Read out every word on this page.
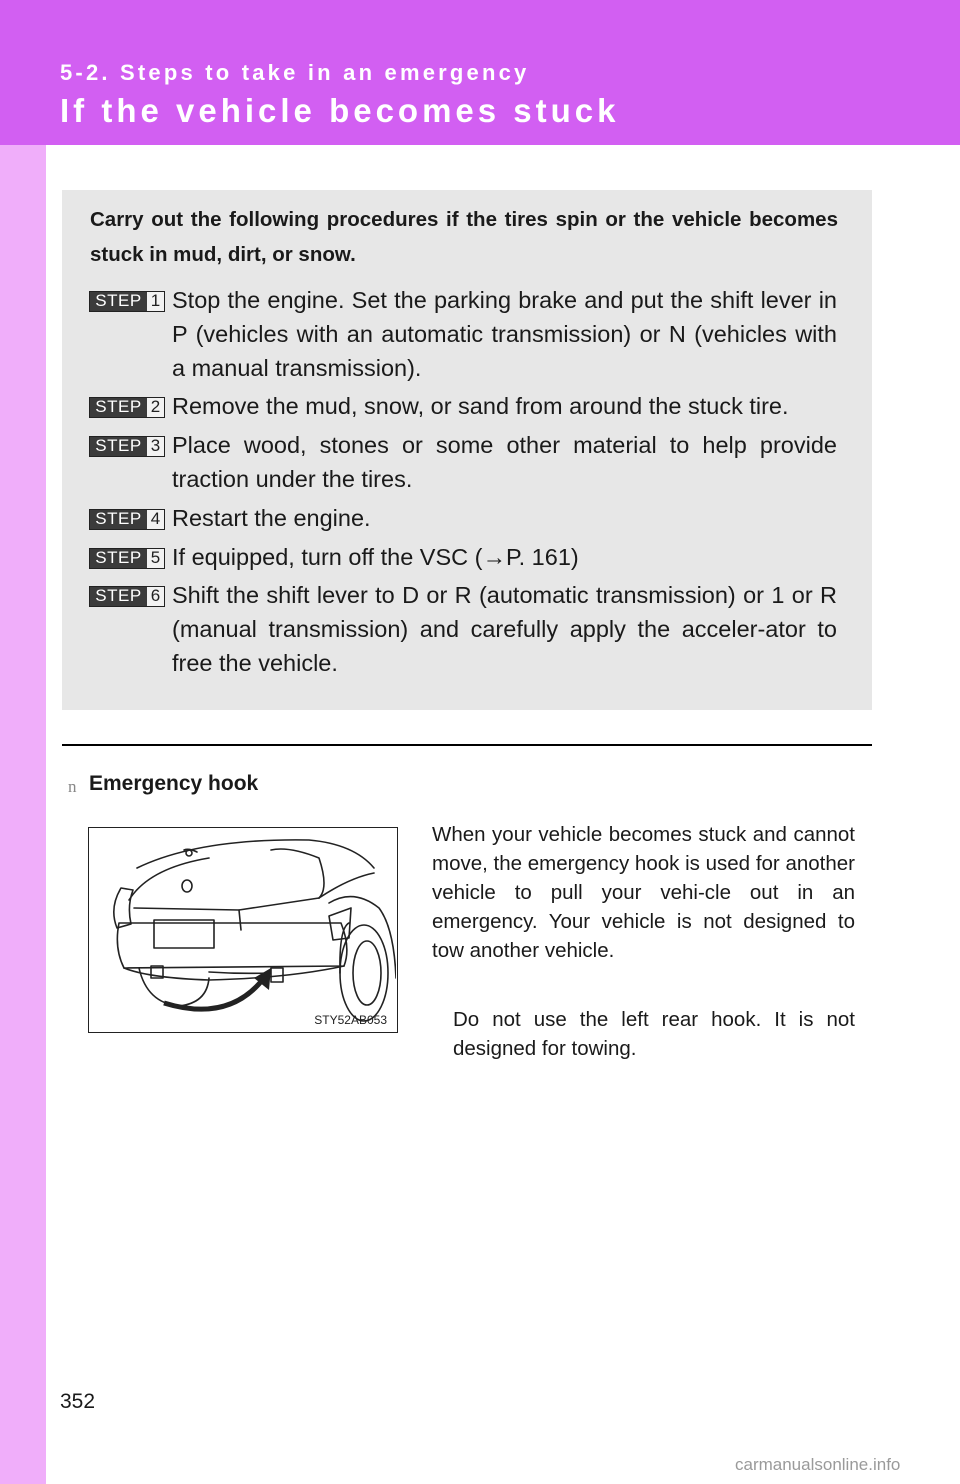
5-2. Steps to take in an emergency

If the vehicle becomes stuck

Carry out the following procedures if the tires spin or the vehicle becomes stuck in mud, dirt, or snow.

STEP 1 Stop the engine. Set the parking brake and put the shift lever in P (vehicles with an automatic transmission) or N (vehicles with a manual transmission).

STEP 2 Remove the mud, snow, or sand from around the stuck tire.

STEP 3 Place wood, stones or some other material to help provide traction under the tires.

STEP 4 Restart the engine.

STEP 5 If equipped, turn off the VSC (→P. 161)

STEP 6 Shift the shift lever to D or R (automatic transmission) or 1 or R (manual transmission) and carefully apply the acceler-ator to free the vehicle.

n Emergency hook
STY52AB053

When your vehicle becomes stuck and cannot move, the emergency hook is used for another vehicle to pull your vehi-cle out in an emergency. Your vehicle is not designed to tow another vehicle.

Do not use the left rear hook. It is not designed for towing.

352

carmanualsonline.info
